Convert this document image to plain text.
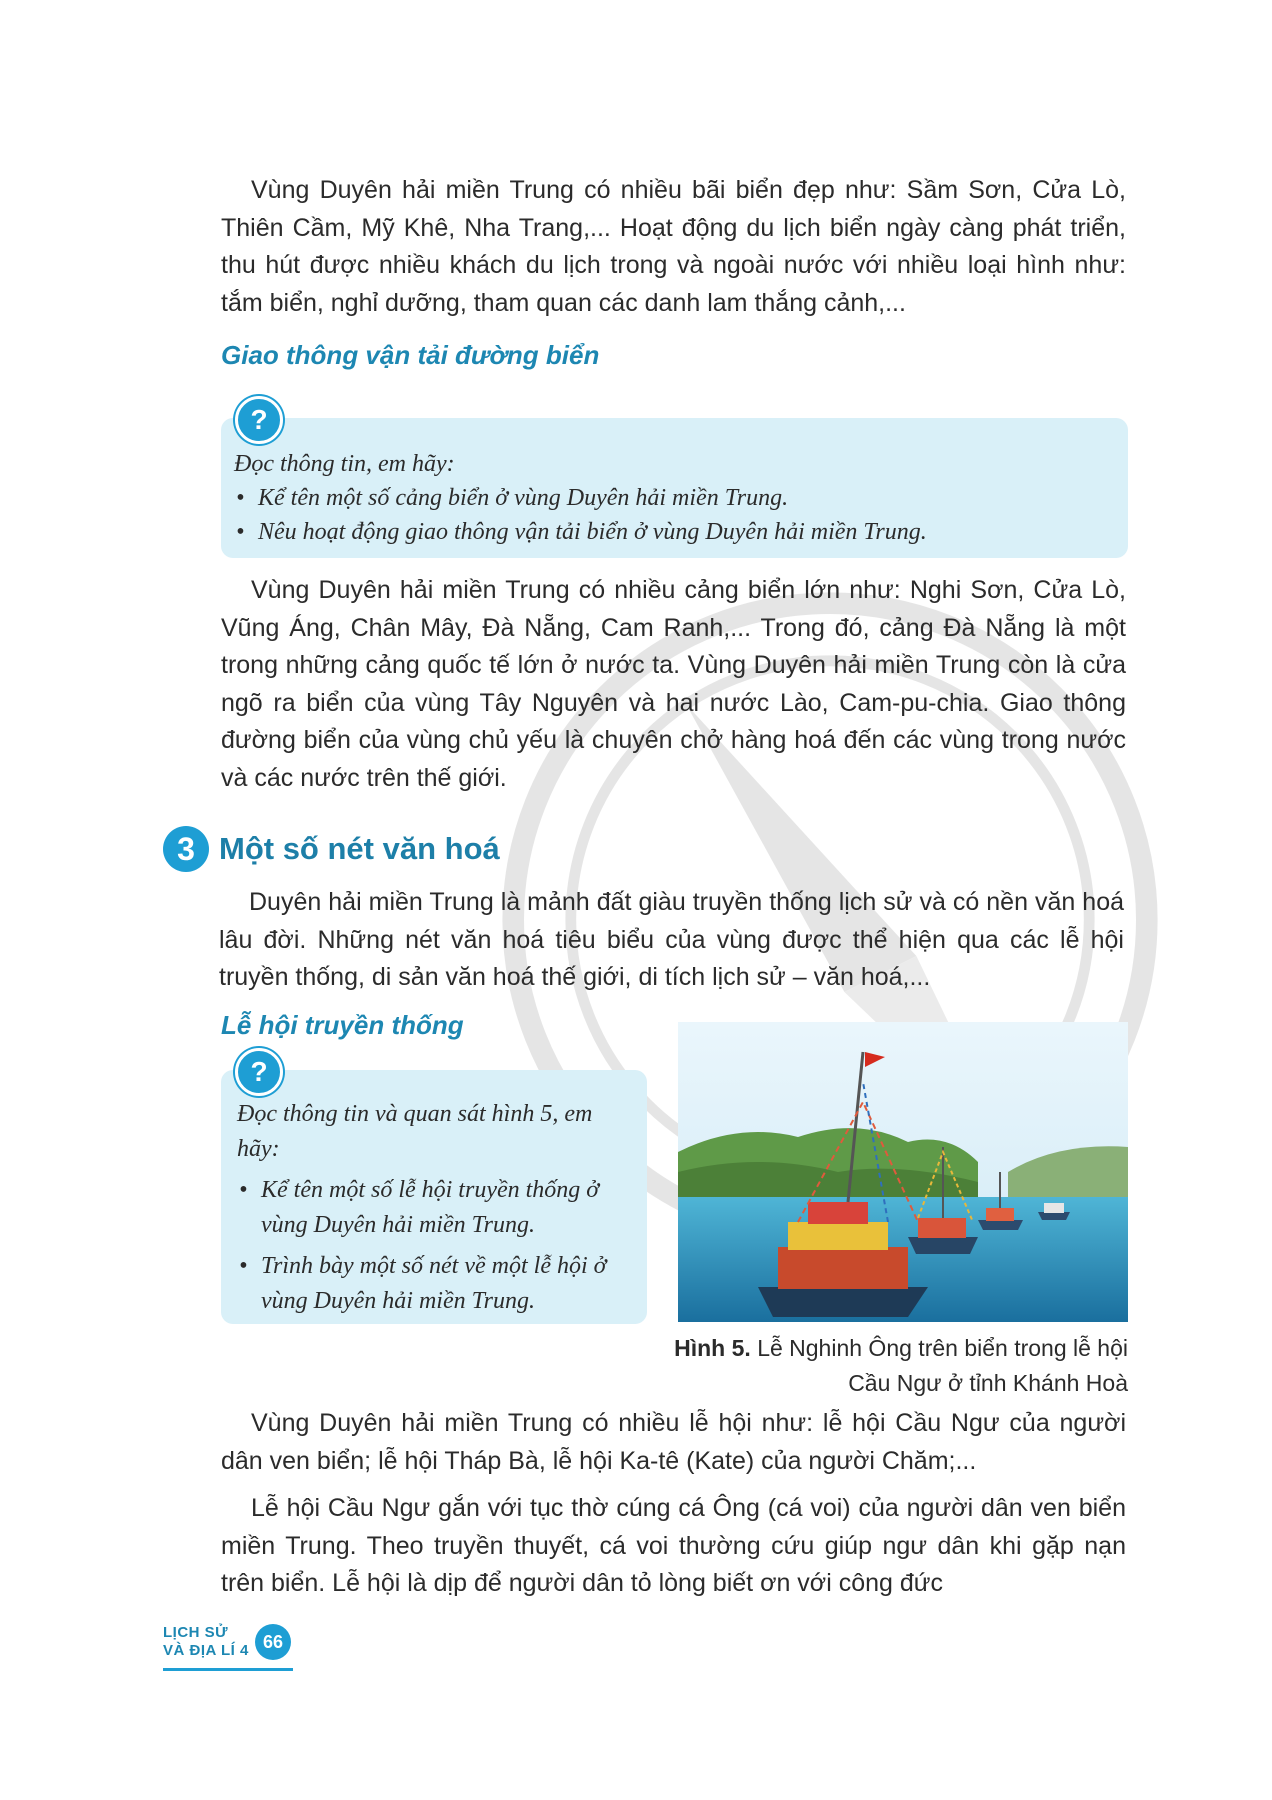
Vùng Duyên hải miền Trung có nhiều bãi biển đẹp như: Sầm Sơn, Cửa Lò, Thiên Cầm, Mỹ Khê, Nha Trang,... Hoạt động du lịch biển ngày càng phát triển, thu hút được nhiều khách du lịch trong và ngoài nước với nhiều loại hình như: tắm biển, nghỉ dưỡng, tham quan các danh lam thắng cảnh,...

Giao thông vận tải đường biển

?

Đọc thông tin, em hãy:

• Kể tên một số cảng biển ở vùng Duyên hải miền Trung.
• Nêu hoạt động giao thông vận tải biển ở vùng Duyên hải miền Trung.

Vùng Duyên hải miền Trung có nhiều cảng biển lớn như: Nghi Sơn, Cửa Lò, Vũng Áng, Chân Mây, Đà Nẵng, Cam Ranh,... Trong đó, cảng Đà Nẵng là một trong những cảng quốc tế lớn ở nước ta. Vùng Duyên hải miền Trung còn là cửa ngõ ra biển của vùng Tây Nguyên và hai nước Lào, Cam-pu-chia. Giao thông đường biển của vùng chủ yếu là chuyên chở hàng hoá đến các vùng trong nước và các nước trên thế giới.

3 Một số nét văn hoá

Duyên hải miền Trung là mảnh đất giàu truyền thống lịch sử và có nền văn hoá lâu đời. Những nét văn hoá tiêu biểu của vùng được thể hiện qua các lễ hội truyền thống, di sản văn hoá thế giới, di tích lịch sử – văn hoá,...

Lễ hội truyền thống

?

Đọc thông tin và quan sát hình 5, em hãy:

• Kể tên một số lễ hội truyền thống ở vùng Duyên hải miền Trung.
• Trình bày một số nét về một lễ hội ở vùng Duyên hải miền Trung.

Hình 5. Lễ Nghinh Ông trên biển trong lễ hội Cầu Ngư ở tỉnh Khánh Hoà

Vùng Duyên hải miền Trung có nhiều lễ hội như: lễ hội Cầu Ngư của người dân ven biển; lễ hội Tháp Bà, lễ hội Ka-tê (Kate) của người Chăm;...

Lễ hội Cầu Ngư gắn với tục thờ cúng cá Ông (cá voi) của người dân ven biển miền Trung. Theo truyền thuyết, cá voi thường cứu giúp ngư dân khi gặp nạn trên biển. Lễ hội là dịp để người dân tỏ lòng biết ơn với công đức

LỊCH SỬ
VÀ ĐỊA LÍ 4 66
